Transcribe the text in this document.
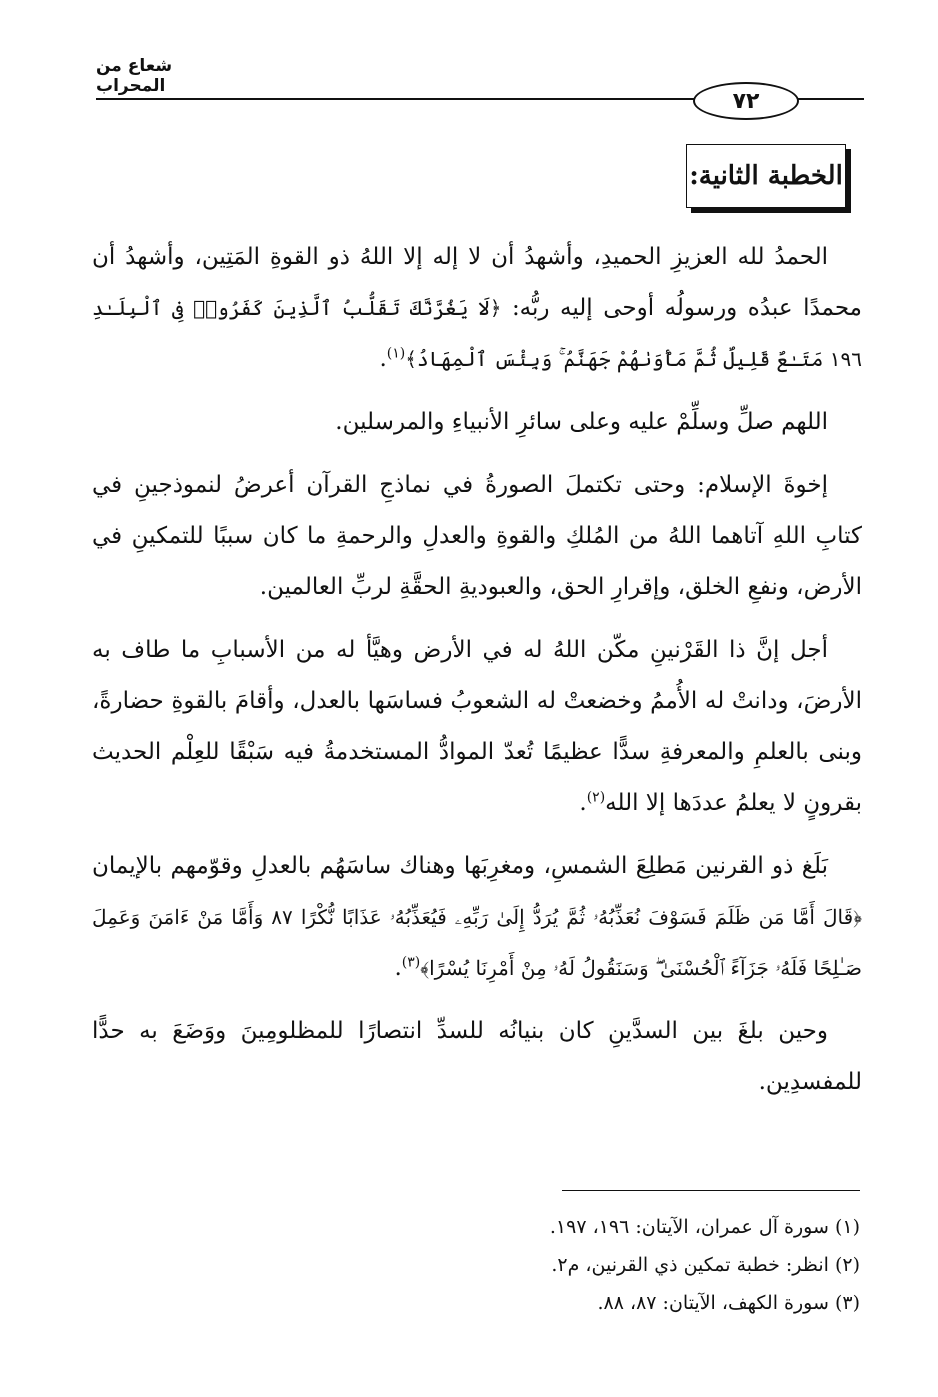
شعاع من المحراب
٧٢
الخطبة الثانية:

الحمدُ لله العزيزِ الحميدِ، وأشهدُ أن لا إله إلا اللهُ ذو القوةِ المَتِين، وأشهدُ أن محمدًا عبدُه ورسولُه أوحى إليه ربُّه: ﴿لَا يَغُرَّنَّكَ تَقَلُّبُ ٱلَّذِينَ كَفَرُوا۟ فِى ٱلْبِلَـٰدِ ١٩٦ مَتَـٰعٌ قَلِيلٌ ثُمَّ مَأْوَىٰهُمْ جَهَنَّمُ ۚ وَبِئْسَ ٱلْمِهَادُ﴾$^{(١)}$.

اللهم صلِّ وسلِّمْ عليه وعلى سائرِ الأنبياءِ والمرسلين.

إخوةَ الإسلام: وحتى تكتملَ الصورةُ في نماذجِ القرآن أعرضُ لنموذجينِ في كتابِ اللهِ آتاهما اللهُ من المُلكِ والقوةِ والعدلِ والرحمةِ ما كان سببًا للتمكينِ في الأرض، ونفعِ الخلق، وإقرارِ الحق، والعبوديةِ الحقَّةِ لربِّ العالمين.

أجل إنَّ ذا القَرْنينِ مكّن اللهُ له في الأرض وهيَّأ له من الأسبابِ ما طاف به الأرضَ، ودانتْ له الأُممُ وخضعتْ له الشعوبُ فساسَها بالعدل، وأقامَ بالقوةِ حضارةً، وبنى بالعلمِ والمعرفةِ سدًّا عظيمًا تُعدّ الموادُّ المستخدمةُ فيه سَبْقًا للعِلْم الحديث بقرونٍ لا يعلمُ عددَها إلا الله$^{(٢)}$.

بَلَغ ذو القرنين مَطلِعَ الشمسِ، ومغرِبَها وهناك ساسَهُم بالعدلِ وقوّمهم بالإيمان ﴿قَالَ أَمَّا مَن ظَلَمَ فَسَوْفَ نُعَذِّبُهُۥ ثُمَّ يُرَدُّ إِلَىٰ رَبِّهِۦ فَيُعَذِّبُهُۥ عَذَابًا نُّكْرًا ٨٧ وَأَمَّا مَنْ ءَامَنَ وَعَمِلَ صَـٰلِحًا فَلَهُۥ جَزَآءً ٱلْحُسْنَىٰ ۖ وَسَنَقُولُ لَهُۥ مِنْ أَمْرِنَا يُسْرًا﴾$^{(٣)}$.

وحين بلغَ بين السدَّينِ كان بنيانُه للسدِّ انتصارًا للمظلومِينَ ووَضَعَ به حدًّا للمفسدِين.

(١) سورة آل عمران، الآيتان: ١٩٦، ١٩٧.
(٢) انظر: خطبة تمكين ذي القرنين، م٢.
(٣) سورة الكهف، الآيتان: ٨٧، ٨٨.
